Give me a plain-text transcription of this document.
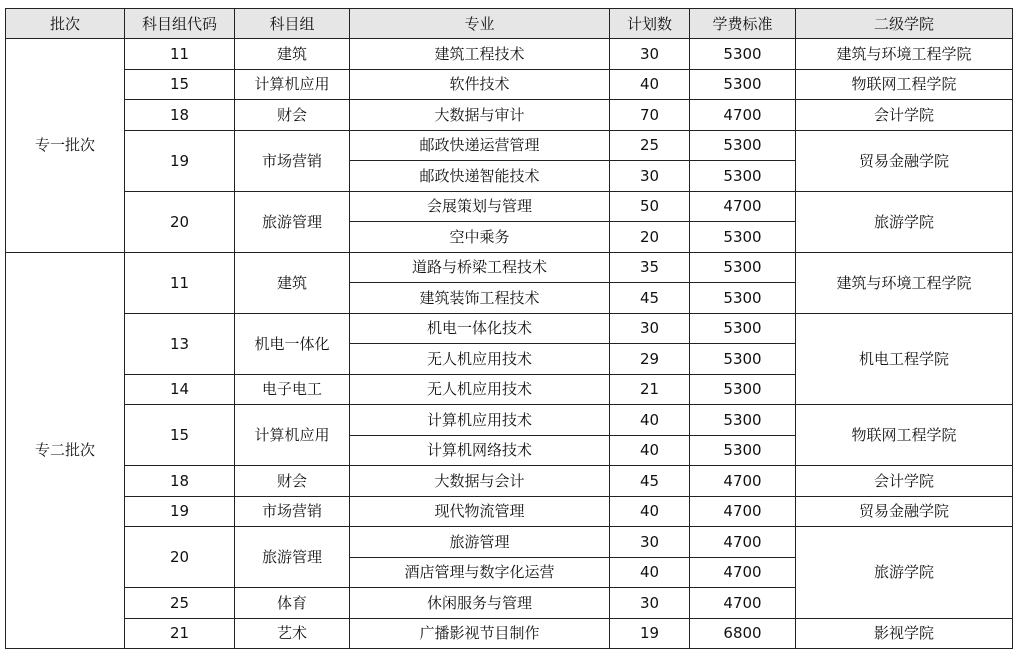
批次	科目组代码	科目组	专业	计划数	学费标准	二级学院
专一批次	11	建筑	建筑工程技术	30	5300	建筑与环境工程学院
	15	计算机应用	软件技术	40	5300	物联网工程学院
	18	财会	大数据与审计	70	4700	会计学院
	19	市场营销	邮政快递运营管理	25	5300	贸易金融学院
			邮政快递智能技术	30	5300	
	20	旅游管理	会展策划与管理	50	4700	旅游学院
			空中乘务	20	5300	
专二批次	11	建筑	道路与桥梁工程技术	35	5300	建筑与环境工程学院
			建筑装饰工程技术	45	5300	
	13	机电一体化	机电一体化技术	30	5300	机电工程学院
			无人机应用技术	29	5300	
	14	电子电工	无人机应用技术	21	5300	
	15	计算机应用	计算机应用技术	40	5300	物联网工程学院
			计算机网络技术	40	5300	
	18	财会	大数据与会计	45	4700	会计学院
	19	市场营销	现代物流管理	40	4700	贸易金融学院
	20	旅游管理	旅游管理	30	4700	旅游学院
			酒店管理与数字化运营	40	4700	
	25	体育	休闲服务与管理	30	4700	
	21	艺术	广播影视节目制作	19	6800	影视学院
